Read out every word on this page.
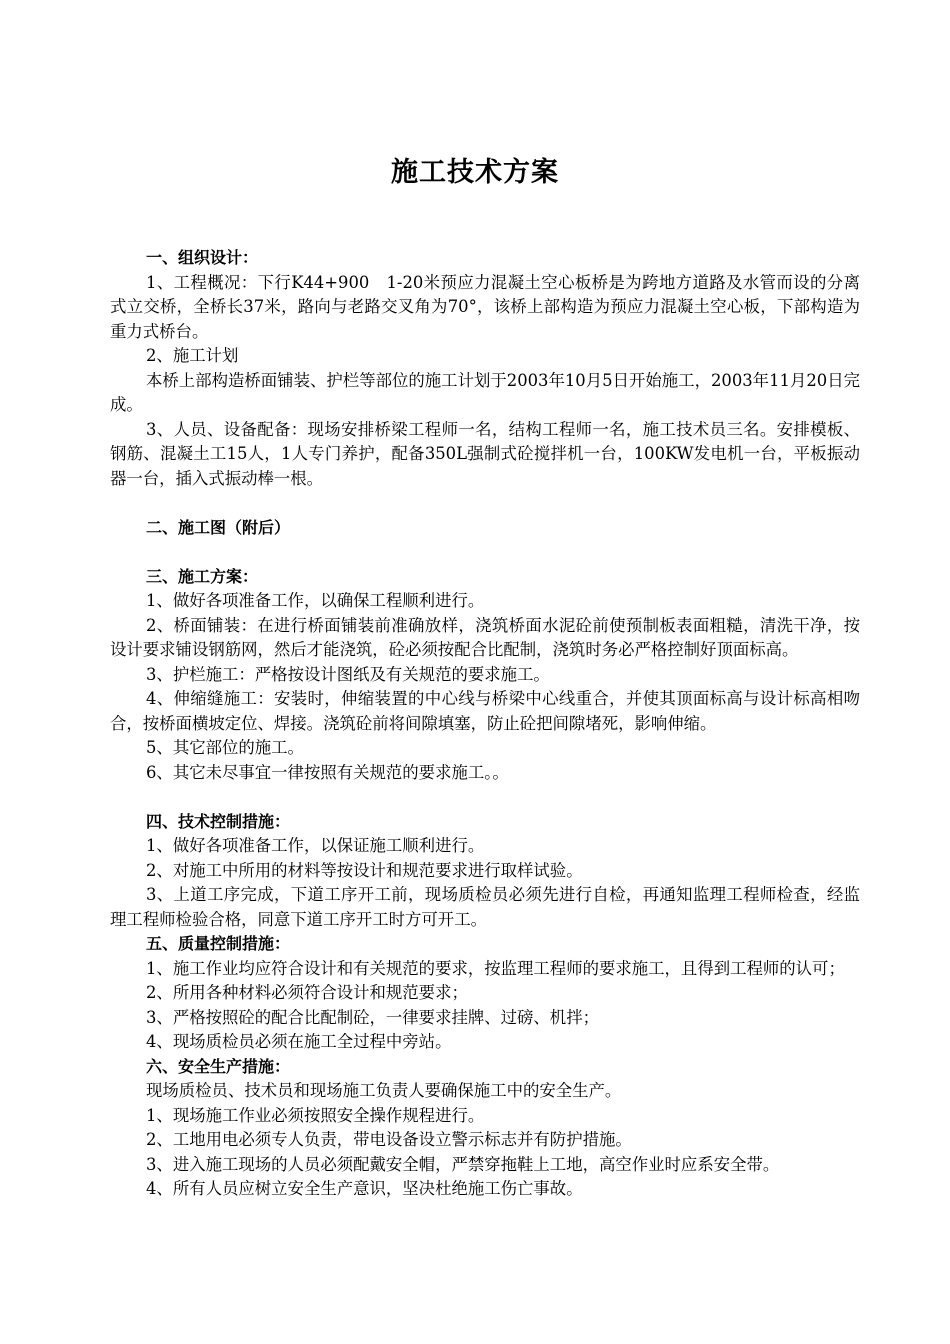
施工技术方案

一、组织设计：

1、工程概况：下行K44+900　1-20米预应力混凝土空心板桥是为跨地方道路及水管而设的分离式立交桥，全桥长37米，路向与老路交叉角为70°，该桥上部构造为预应力混凝土空心板，下部构造为重力式桥台。

2、施工计划

本桥上部构造桥面铺装、护栏等部位的施工计划于2003年10月5日开始施工，2003年11月20日完成。

3、人员、设备配备：现场安排桥梁工程师一名，结构工程师一名，施工技术员三名。安排模板、钢筋、混凝土工15人，1人专门养护，配备350L强制式砼搅拌机一台，100KW发电机一台，平板振动器一台，插入式振动棒一根。

二、施工图（附后）

三、施工方案：

1、做好各项准备工作，以确保工程顺利进行。

2、桥面铺装：在进行桥面铺装前准确放样，浇筑桥面水泥砼前使预制板表面粗糙，清洗干净，按设计要求铺设钢筋网，然后才能浇筑，砼必须按配合比配制，浇筑时务必严格控制好顶面标高。

3、护栏施工：严格按设计图纸及有关规范的要求施工。

4、伸缩缝施工：安装时，伸缩装置的中心线与桥梁中心线重合，并使其顶面标高与设计标高相吻合，按桥面横坡定位、焊接。浇筑砼前将间隙填塞，防止砼把间隙堵死，影响伸缩。

5、其它部位的施工。

6、其它未尽事宜一律按照有关规范的要求施工。。

四、技术控制措施：

1、做好各项准备工作，以保证施工顺利进行。

2、对施工中所用的材料等按设计和规范要求进行取样试验。

3、上道工序完成，下道工序开工前，现场质检员必须先进行自检，再通知监理工程师检查，经监理工程师检验合格，同意下道工序开工时方可开工。

五、质量控制措施：

1、施工作业均应符合设计和有关规范的要求，按监理工程师的要求施工，且得到工程师的认可；

2、所用各种材料必须符合设计和规范要求；

3、严格按照砼的配合比配制砼，一律要求挂牌、过磅、机拌；

4、现场质检员必须在施工全过程中旁站。

六、安全生产措施：

现场质检员、技术员和现场施工负责人要确保施工中的安全生产。

1、现场施工作业必须按照安全操作规程进行。

2、工地用电必须专人负责，带电设备设立警示标志并有防护措施。

3、进入施工现场的人员必须配戴安全帽，严禁穿拖鞋上工地，高空作业时应系安全带。

4、所有人员应树立安全生产意识，坚决杜绝施工伤亡事故。
